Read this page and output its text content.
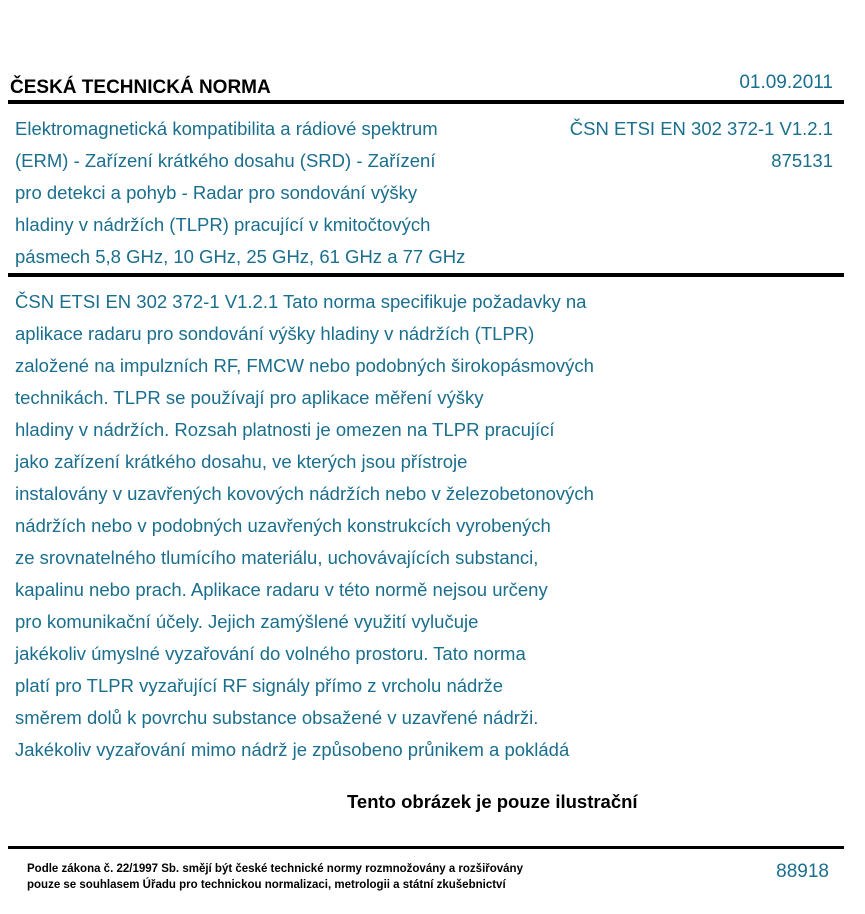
ČESKÁ TECHNICKÁ NORMA	01.09.2011
Elektromagnetická kompatibilita a rádiové spektrum
(ERM) - Zařízení krátkého dosahu (SRD) - Zařízení
pro detekci a pohyb - Radar pro sondování výšky
hladiny v nádržích (TLPR) pracující v kmitočtových
pásmech 5,8 GHz, 10 GHz, 25 GHz, 61 GHz a 77 GHz
ČSN ETSI EN 302 372-1 V1.2.1
875131
ČSN ETSI EN 302 372-1 V1.2.1 Tato norma specifikuje požadavky na
aplikace radaru pro sondování výšky hladiny v nádržích (TLPR)
založené na impulzních RF, FMCW nebo podobných širokopásmových
technikách. TLPR se používají pro aplikace měření výšky
hladiny v nádržích. Rozsah platnosti je omezen na TLPR pracující
jako zařízení krátkého dosahu, ve kterých jsou přístroje
instalovány v uzavřených kovových nádržích nebo v železobetonových
nádržích nebo v podobných uzavřených konstrukcích vyrobených
ze srovnatelného tlumícího materiálu, uchovávajících substanci,
kapalinu nebo prach. Aplikace radaru v této normě nejsou určeny
pro komunikační účely. Jejich zamýšlené využití vylučuje
jakékoliv úmyslné vyzařování do volného prostoru. Tato norma
platí pro TLPR vyzařující RF signály přímo z vrcholu nádrže
směrem dolů k povrchu substance obsažené v uzavřené nádrži.
Jakékoliv vyzařování mimo nádrž je způsobeno průnikem a pokládá
Tento obrázek je pouze ilustrační
Podle zákona č. 22/1997 Sb. smějí být české technické normy rozmnožovány a rozšiřovány
pouze se souhlasem Úřadu pro technickou normalizaci, metrologii a státní zkušebnictví
88918
